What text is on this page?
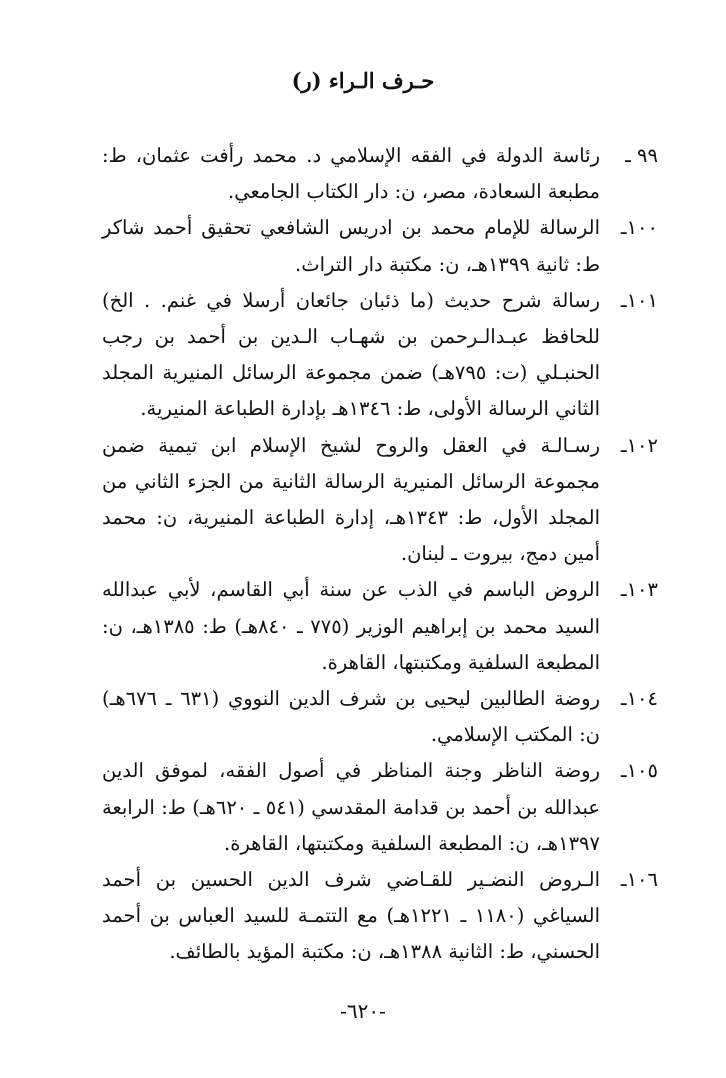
حـرف الـراء (ر)

٩٩ ـ
رئاسة الدولة في الفقه الإسلامي د. محمد رأفت عثمان، ط: مطبعة السعادة، مصر، ن: دار الكتاب الجامعي.

١٠٠ـ
الرسالة للإمام محمد بن ادريس الشافعي تحقيق أحمد شاكر ط: ثانية ١٣٩٩هـ، ن: مكتبة دار التراث.

١٠١ـ
رسالة شرح حديث (ما ذئبان جائعان أرسلا في غنم. . الخ) للحافظ عبـدالـرحمن بن شهـاب الـدين بن أحمد بن رجب الحنبـلي (ت: ٧٩٥هـ) ضمن مجموعة الرسائل المنيرية المجلد الثاني الرسالة الأولى، ط: ١٣٤٦هـ بإدارة الطباعة المنيرية.

١٠٢ـ
رسـالـة في العقل والروح لشيخ الإسلام ابن تيمية ضمن مجموعة الرسائل المنيرية الرسالة الثانية من الجزء الثاني من المجلد الأول، ط: ١٣٤٣هـ، إدارة الطباعة المنيرية، ن: محمد أمين دمج، بيروت ـ لبنان.

١٠٣ـ
الروض الباسم في الذب عن سنة أبي القاسم، لأبي عبدالله السيد محمد بن إبراهيم الوزير (٧٧٥ ـ ٨٤٠هـ) ط: ١٣٨٥هـ، ن: المطبعة السلفية ومكتبتها، القاهرة.

١٠٤ـ
روضة الطالبين ليحيى بن شرف الدين النووي (٦٣١ ـ ٦٧٦هـ) ن: المكتب الإسلامي.

١٠٥ـ
روضة الناظر وجنة المناظر في أصول الفقه، لموفق الدين عبدالله بن أحمد بن قدامة المقدسي (٥٤١ ـ ٦٢٠هـ) ط: الرابعة ١٣٩٧هـ، ن: المطبعة السلفية ومكتبتها، القاهرة.

١٠٦ـ
الـروض النضـير للقـاضي شرف الدين الحسين بن أحمد السياغي (١١٨٠ ـ ١٢٢١هـ) مع التتمـة للسيد العباس بن أحمد الحسني، ط: الثانية ١٣٨٨هـ، ن: مكتبة المؤيد بالطائف.

-٦٢٠-
